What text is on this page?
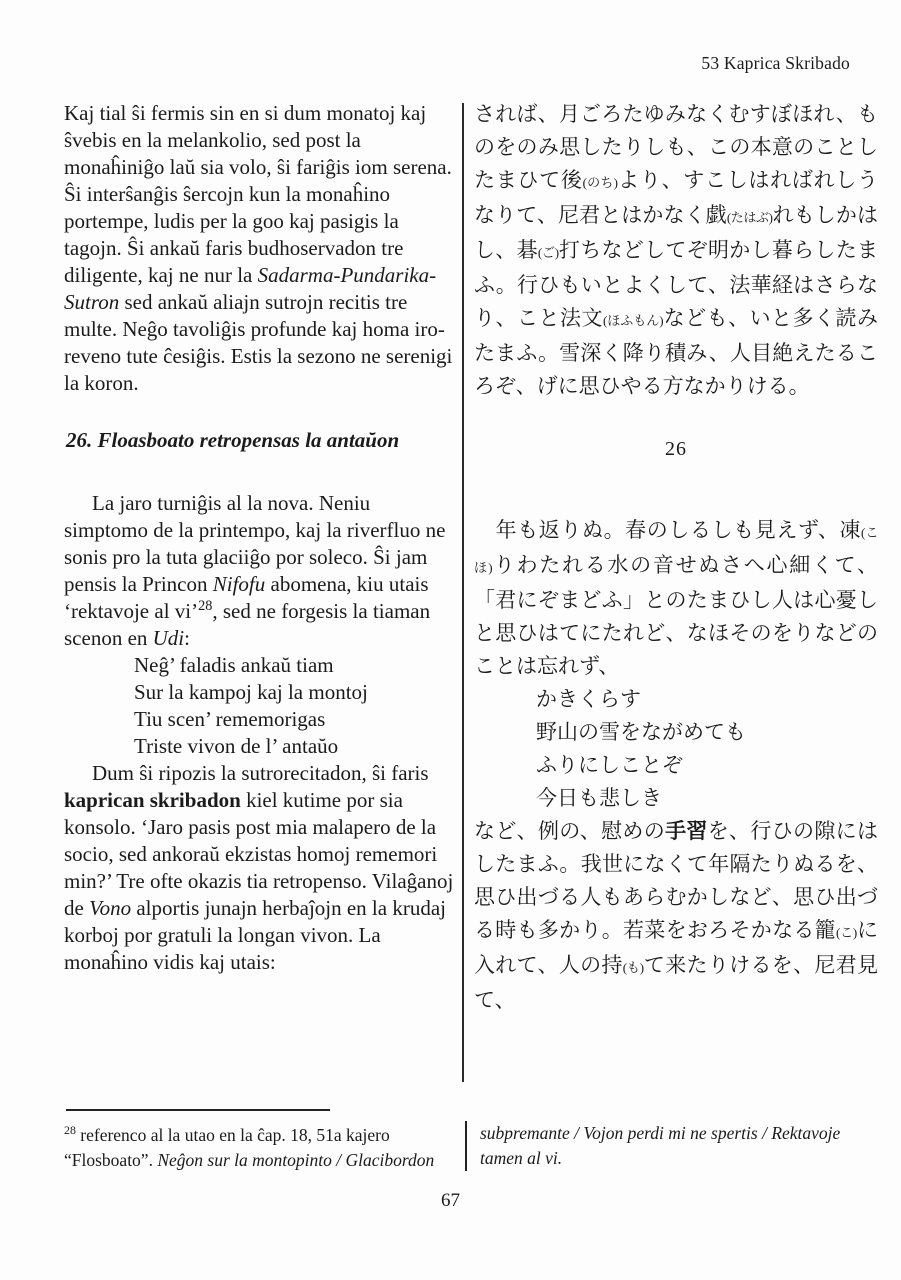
53 Kaprica Skribado

Kaj tial ŝi fermis sin en si dum monatoj kaj ŝvebis en la melankolio, sed post la monaĥiniĝo laŭ sia volo, ŝi fariĝis iom serena. Ŝi interŝanĝis ŝercojn kun la monaĥino portempe, ludis per la goo kaj pasigis la tagojn. Ŝi ankaŭ faris budhoservadon tre diligente, kaj ne nur la Sadarma-Pundarika-Sutron sed ankaŭ aliajn sutrojn recitis tre multe. Neĝo tavoliĝis profunde kaj homa iro-reveno tute ĉesiĝis. Estis la sezono ne serenigi la koron.

26. Floasboato retropensas la antaŭon

La jaro turniĝis al la nova. Neniu simptomo de la printempo, kaj la riverfluo ne sonis pro la tuta glaciiĝo por soleco. Ŝi jam pensis la Princon Nifofu abomena, kiu utais ‘rektavoje al vi’$^{28}$, sed ne forgesis la tiaman scenon en Udi:

Neĝ’ faladis ankaŭ tiam
Sur la kampoj kaj la montoj
Tiu scen’ rememorigas
Triste vivon de l’ antaŭo

Dum ŝi ripozis la sutrorecitadon, ŝi faris kaprican skribadon kiel kutime por sia konsolo. ‘Jaro pasis post mia malapero de la socio, sed ankoraŭ ekzistas homoj rememori min?’ Tre ofte okazis tia retropenso. Vilaĝanoj de Vono alportis junajn herbaĵojn en la krudaj korboj por gratuli la longan vivon. La monaĥino vidis kaj utais:

されば、月ごろたゆみなくむすぼほれ、ものをのみ思したりしも、この本意のことしたまひて後(のち)より、すこしはればれしうなりて、尼君とはかなく戯(たはぶ)れもしかはし、碁(ご)打ちなどしてぞ明かし暮らしたまふ。行ひもいとよくして、法華経はさらなり、こと法文(ほふもん)なども、いと多く読みたまふ。雪深く降り積み、人目絶えたるころぞ、げに思ひやる方なかりける。

26

　年も返りぬ。春のしるしも見えず、凍(こほ)りわたれる水の音せぬさへ心細くて、「君にぞまどふ」とのたまひし人は心憂しと思ひはてにたれど、なほそのをりなどのことは忘れず、

かきくらす
野山の雪をながめても
ふりにしことぞ
今日も悲しき

など、例の、慰めの手習を、行ひの隙にはしたまふ。我世になくて年隔たりぬるを、思ひ出づる人もあらむかしなど、思ひ出づる時も多かり。若菜をおろそかなる籠(こ)に入れて、人の持(も)て来たりけるを、尼君見て、

$^{28}$ referenco al la utao en la ĉap. 18, 51a kajero “Flosboato”. Neĝon sur la montopinto / Glacibordon
subpremante / Vojon perdi mi ne spertis / Rektavoje tamen al vi.
67
